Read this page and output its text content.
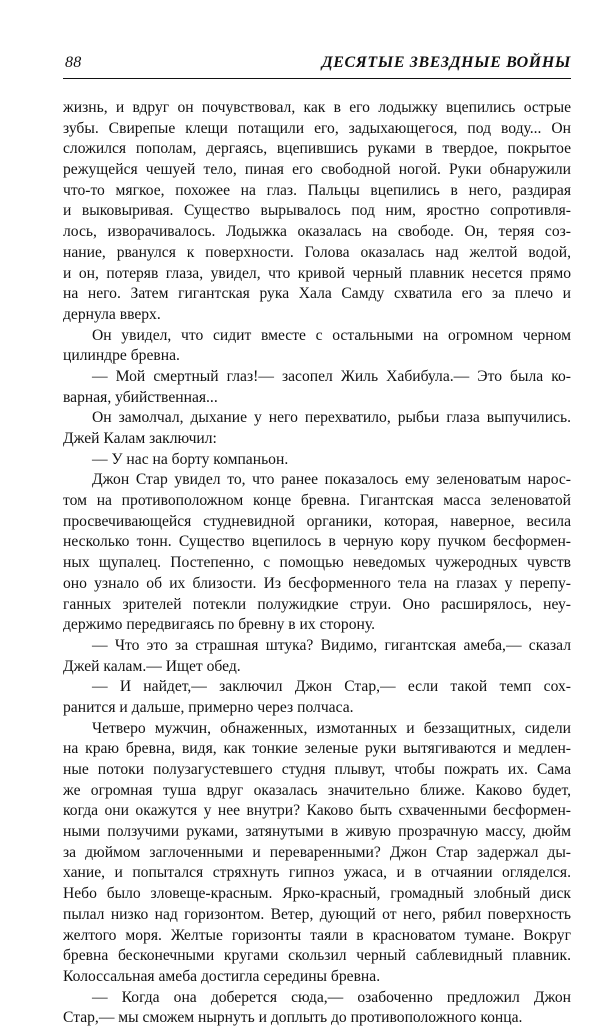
88	ДЕСЯТЫЕ ЗВЕЗДНЫЕ ВОЙНЫ
жизнь, и вдруг он почувствовал, как в его лодыжку вцепились острые
зубы. Свирепые клещи потащили его, задыхающегося, под воду... Он
сложился пополам, дергаясь, вцепившись руками в твердое, покрытое
режущейся чешуей тело, пиная его свободной ногой. Руки обнаружили
что-то мягкое, похожее на глаз. Пальцы вцепились в него, раздирая
и выковыривая. Существо вырывалось под ним, яростно сопротивля-
лось, изворачивалось. Лодыжка оказалась на свободе. Он, теряя соз-
нание, рванулся к поверхности. Голова оказалась над желтой водой,
и он, потеряв глаза, увидел, что кривой черный плавник несется прямо
на него. Затем гигантская рука Хала Самду схватила его за плечо и
дернула вверх.
Он увидел, что сидит вместе с остальными на огромном черном
цилиндре бревна.
— Мой смертный глаз!— засопел Жиль Хабибула.— Это была ко-
варная, убийственная...
Он замолчал, дыхание у него перехватило, рыбьи глаза выпучились.
Джей Калам заключил:
— У нас на борту компаньон.
Джон Стар увидел то, что ранее показалось ему зеленоватым нарос-
том на противоположном конце бревна. Гигантская масса зеленоватой
просвечивающейся студневидной органики, которая, наверное, весила
несколько тонн. Существо вцепилось в черную кору пучком бесформен-
ных щупалец. Постепенно, с помощью неведомых чужеродных чувств
оно узнало об их близости. Из бесформенного тела на глазах у перепу-
ганных зрителей потекли полужидкие струи. Оно расширялось, неу-
держимо передвигаясь по бревну в их сторону.
— Что это за страшная штука? Видимо, гигантская амеба,— сказал
Джей калам.— Ищет обед.
— И найдет,— заключил Джон Стар,— если такой темп сох-
ранится и дальше, примерно через полчаса.
Четверо мужчин, обнаженных, измотанных и беззащитных, сидели
на краю бревна, видя, как тонкие зеленые руки вытягиваются и медлен-
ные потоки полузагустевшего студня плывут, чтобы пожрать их. Сама
же огромная туша вдруг оказалась значительно ближе. Каково будет,
когда они окажутся у нее внутри? Каково быть схваченными бесформен-
ными ползучими руками, затянутыми в живую прозрачную массу, дюйм
за дюймом заглоченными и переваренными? Джон Стар задержал ды-
хание, и попытался стряхнуть гипноз ужаса, и в отчаянии огляделся.
Небо было зловеще-красным. Ярко-красный, громадный злобный диск
пылал низко над горизонтом. Ветер, дующий от него, рябил поверхность
желтого моря. Желтые горизонты таяли в красноватом тумане. Вокруг
бревна бесконечными кругами скользил черный саблевидный плавник.
Колоссальная амеба достигла середины бревна.
— Когда она доберется сюда,— озабоченно предложил Джон
Стар,— мы сможем нырнуть и доплыть до противоположного конца.
